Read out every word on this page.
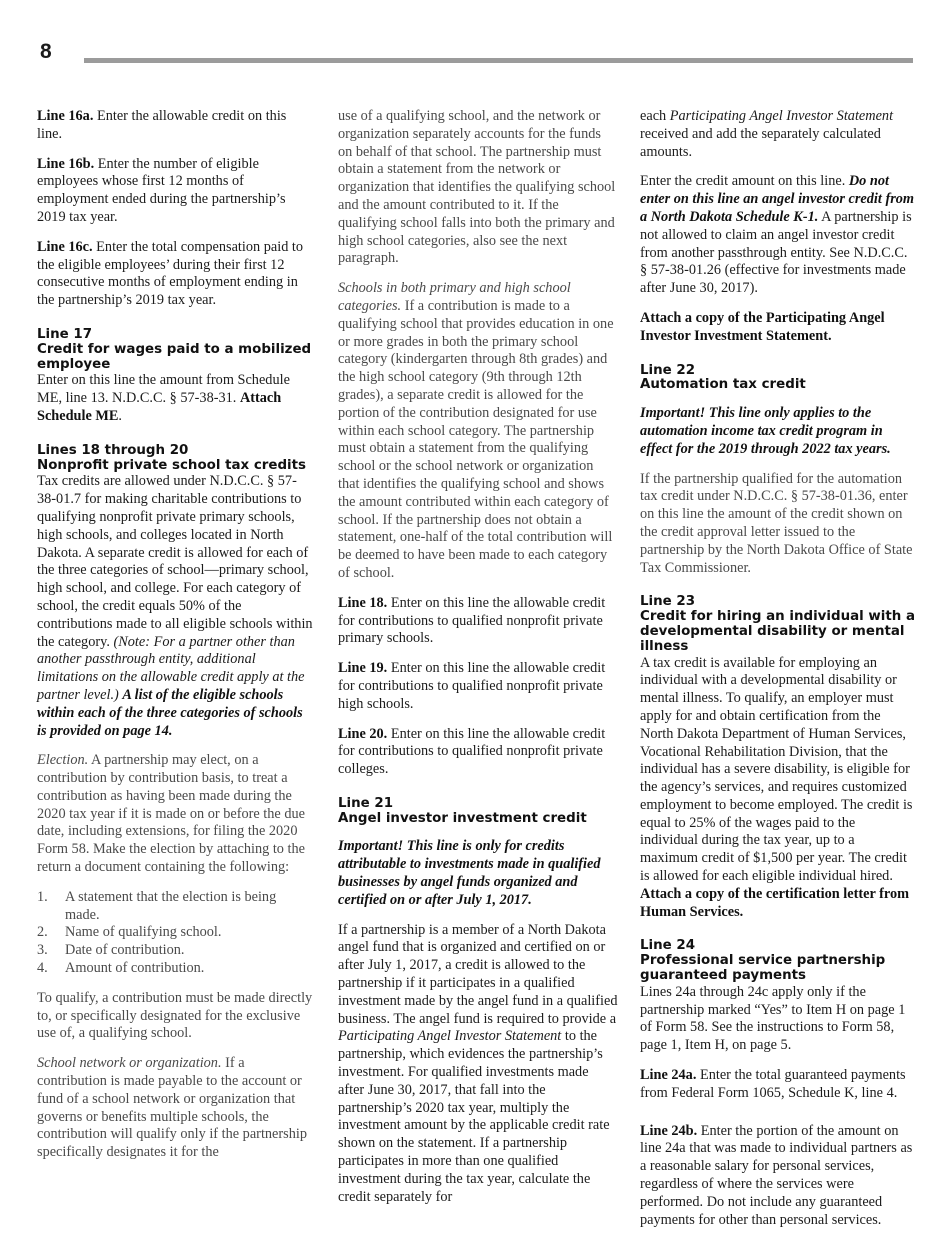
8

Line 16a. Enter the allowable credit on this line.

Line 16b. Enter the number of eligible employees whose first 12 months of employment ended during the partnership’s 2019 tax year.

Line 16c. Enter the total compensation paid to the eligible employees’ during their first 12 consecutive months of employment ending in the partnership’s 2019 tax year.

Line 17
Credit for wages paid to a mobilized employee

Enter on this line the amount from Schedule ME, line 13. N.D.C.C. § 57-38-31. Attach Schedule ME.

Lines 18 through 20
Nonprofit private school tax credits

Tax credits are allowed under N.D.C.C. § 57-38-01.7 for making charitable contributions to qualifying nonprofit private primary schools, high schools, and colleges located in North Dakota. A separate credit is allowed for each of the three categories of school—primary school, high school, and college. For each category of school, the credit equals 50% of the contributions made to all eligible schools within the category. (Note: For a partner other than another passthrough entity, additional limitations on the allowable credit apply at the partner level.) A list of the eligible schools within each of the three categories of schools is provided on page 14.

Election. A partnership may elect, on a contribution by contribution basis, to treat a contribution as having been made during the 2020 tax year if it is made on or before the due date, including extensions, for filing the 2020 Form 58. Make the election by attaching to the return a document containing the following:

1. A statement that the election is being made.
2. Name of qualifying school.
3. Date of contribution.
4. Amount of contribution.

To qualify, a contribution must be made directly to, or specifically designated for the exclusive use of, a qualifying school.

School network or organization. If a contribution is made payable to the account or fund of a school network or organization that governs or benefits multiple schools, the contribution will qualify only if the partnership specifically designates it for the

use of a qualifying school, and the network or organization separately accounts for the funds on behalf of that school. The partnership must obtain a statement from the network or organization that identifies the qualifying school and the amount contributed to it. If the qualifying school falls into both the primary and high school categories, also see the next paragraph.

Schools in both primary and high school categories. If a contribution is made to a qualifying school that provides education in one or more grades in both the primary school category (kindergarten through 8th grades) and the high school category (9th through 12th grades), a separate credit is allowed for the portion of the contribution designated for use within each school category. The partnership must obtain a statement from the qualifying school or the school network or organization that identifies the qualifying school and shows the amount contributed within each category of school. If the partnership does not obtain a statement, one-half of the total contribution will be deemed to have been made to each category of school.

Line 18. Enter on this line the allowable credit for contributions to qualified nonprofit private primary schools.

Line 19. Enter on this line the allowable credit for contributions to qualified nonprofit private high schools.

Line 20. Enter on this line the allowable credit for contributions to qualified nonprofit private colleges.

Line 21
Angel investor investment credit

Important! This line is only for credits attributable to investments made in qualified businesses by angel funds organized and certified on or after July 1, 2017.

If a partnership is a member of a North Dakota angel fund that is organized and certified on or after July 1, 2017, a credit is allowed to the partnership if it participates in a qualified investment made by the angel fund in a qualified business. The angel fund is required to provide a Participating Angel Investor Statement to the partnership, which evidences the partnership’s investment. For qualified investments made after June 30, 2017, that fall into the partnership’s 2020 tax year, multiply the investment amount by the applicable credit rate shown on the statement. If a partnership participates in more than one qualified investment during the tax year, calculate the credit separately for

each Participating Angel Investor Statement received and add the separately calculated amounts.

Enter the credit amount on this line. Do not enter on this line an angel investor credit from a North Dakota Schedule K-1. A partnership is not allowed to claim an angel investor credit from another passthrough entity. See N.D.C.C. § 57-38-01.26 (effective for investments made after June 30, 2017).

Attach a copy of the Participating Angel Investor Investment Statement.

Line 22
Automation tax credit

Important! This line only applies to the automation income tax credit program in effect for the 2019 through 2022 tax years.

If the partnership qualified for the automation tax credit under N.D.C.C. § 57-38-01.36, enter on this line the amount of the credit shown on the credit approval letter issued to the partnership by the North Dakota Office of State Tax Commissioner.

Line 23
Credit for hiring an individual with a developmental disability or mental illness

A tax credit is available for employing an individual with a developmental disability or mental illness. To qualify, an employer must apply for and obtain certification from the North Dakota Department of Human Services, Vocational Rehabilitation Division, that the individual has a severe disability, is eligible for the agency’s services, and requires customized employment to become employed. The credit is equal to 25% of the wages paid to the individual during the tax year, up to a maximum credit of $1,500 per year. The credit is allowed for each eligible individual hired. Attach a copy of the certification letter from Human Services.

Line 24
Professional service partnership guaranteed payments

Lines 24a through 24c apply only if the partnership marked “Yes” to Item H on page 1 of Form 58. See the instructions to Form 58, page 1, Item H, on page 5.

Line 24a. Enter the total guaranteed payments from Federal Form 1065, Schedule K, line 4.

Line 24b. Enter the portion of the amount on line 24a that was made to individual partners as a reasonable salary for personal services, regardless of where the services were performed. Do not include any guaranteed payments for other than personal services.
